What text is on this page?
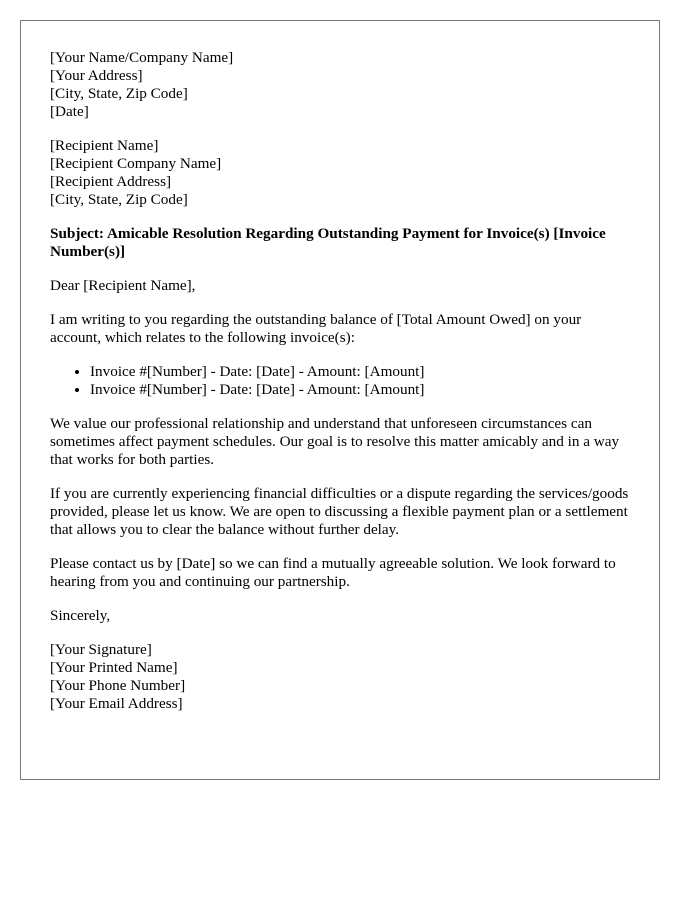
[Your Name/Company Name]
[Your Address]
[City, State, Zip Code]
[Date]
[Recipient Name]
[Recipient Company Name]
[Recipient Address]
[City, State, Zip Code]
Subject: Amicable Resolution Regarding Outstanding Payment for Invoice(s) [Invoice Number(s)]

Dear [Recipient Name],

I am writing to you regarding the outstanding balance of [Total Amount Owed] on your account, which relates to the following invoice(s):

• Invoice #[Number] - Date: [Date] - Amount: [Amount]
• Invoice #[Number] - Date: [Date] - Amount: [Amount]

We value our professional relationship and understand that unforeseen circumstances can sometimes affect payment schedules. Our goal is to resolve this matter amicably and in a way that works for both parties.

If you are currently experiencing financial difficulties or a dispute regarding the services/goods provided, please let us know. We are open to discussing a flexible payment plan or a settlement that allows you to clear the balance without further delay.

Please contact us by [Date] so we can find a mutually agreeable solution. We look forward to hearing from you and continuing our partnership.

Sincerely,

[Your Signature]
[Your Printed Name]
[Your Phone Number]
[Your Email Address]
